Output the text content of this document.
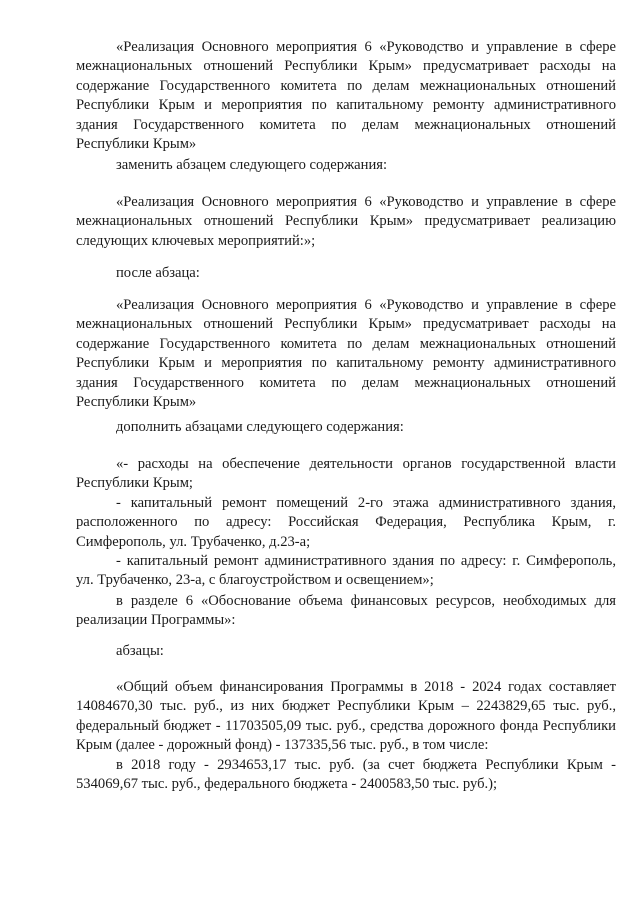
«Реализация Основного мероприятия 6 «Руководство и управление в сфере межнациональных отношений Республики Крым» предусматривает расходы на содержание Государственного комитета по делам межнациональных отношений Республики Крым и мероприятия по капитальному ремонту административного здания Государственного комитета по делам межнациональных отношений Республики Крым»

заменить абзацем следующего содержания:

«Реализация Основного мероприятия 6 «Руководство и управление в сфере межнациональных отношений Республики Крым» предусматривает реализацию следующих ключевых мероприятий:»;

после абзаца:

«Реализация Основного мероприятия 6 «Руководство и управление в сфере межнациональных отношений Республики Крым» предусматривает расходы на содержание Государственного комитета по делам межнациональных отношений Республики Крым и мероприятия по капитальному ремонту административного здания Государственного комитета по делам межнациональных отношений Республики Крым»

дополнить абзацами следующего содержания:

«- расходы на обеспечение деятельности органов государственной власти Республики Крым;

- капитальный ремонт помещений 2-го этажа административного здания, расположенного по адресу: Российская Федерация, Республика Крым, г. Симферополь, ул. Трубаченко, д.23-а;

- капитальный ремонт административного здания по адресу: г. Симферополь, ул. Трубаченко, 23-а, с благоустройством и освещением»;

в разделе 6 «Обоснование объема финансовых ресурсов, необходимых для реализации Программы»:

абзацы:

«Общий объем финансирования Программы в 2018 - 2024 годах составляет 14084670,30 тыс. руб., из них бюджет Республики Крым – 2243829,65 тыс. руб., федеральный бюджет - 11703505,09 тыс. руб., средства дорожного фонда Республики Крым (далее - дорожный фонд) - 137335,56 тыс. руб., в том числе:

в 2018 году - 2934653,17 тыс. руб. (за счет бюджета Республики Крым - 534069,67 тыс. руб., федерального бюджета - 2400583,50 тыс. руб.);
